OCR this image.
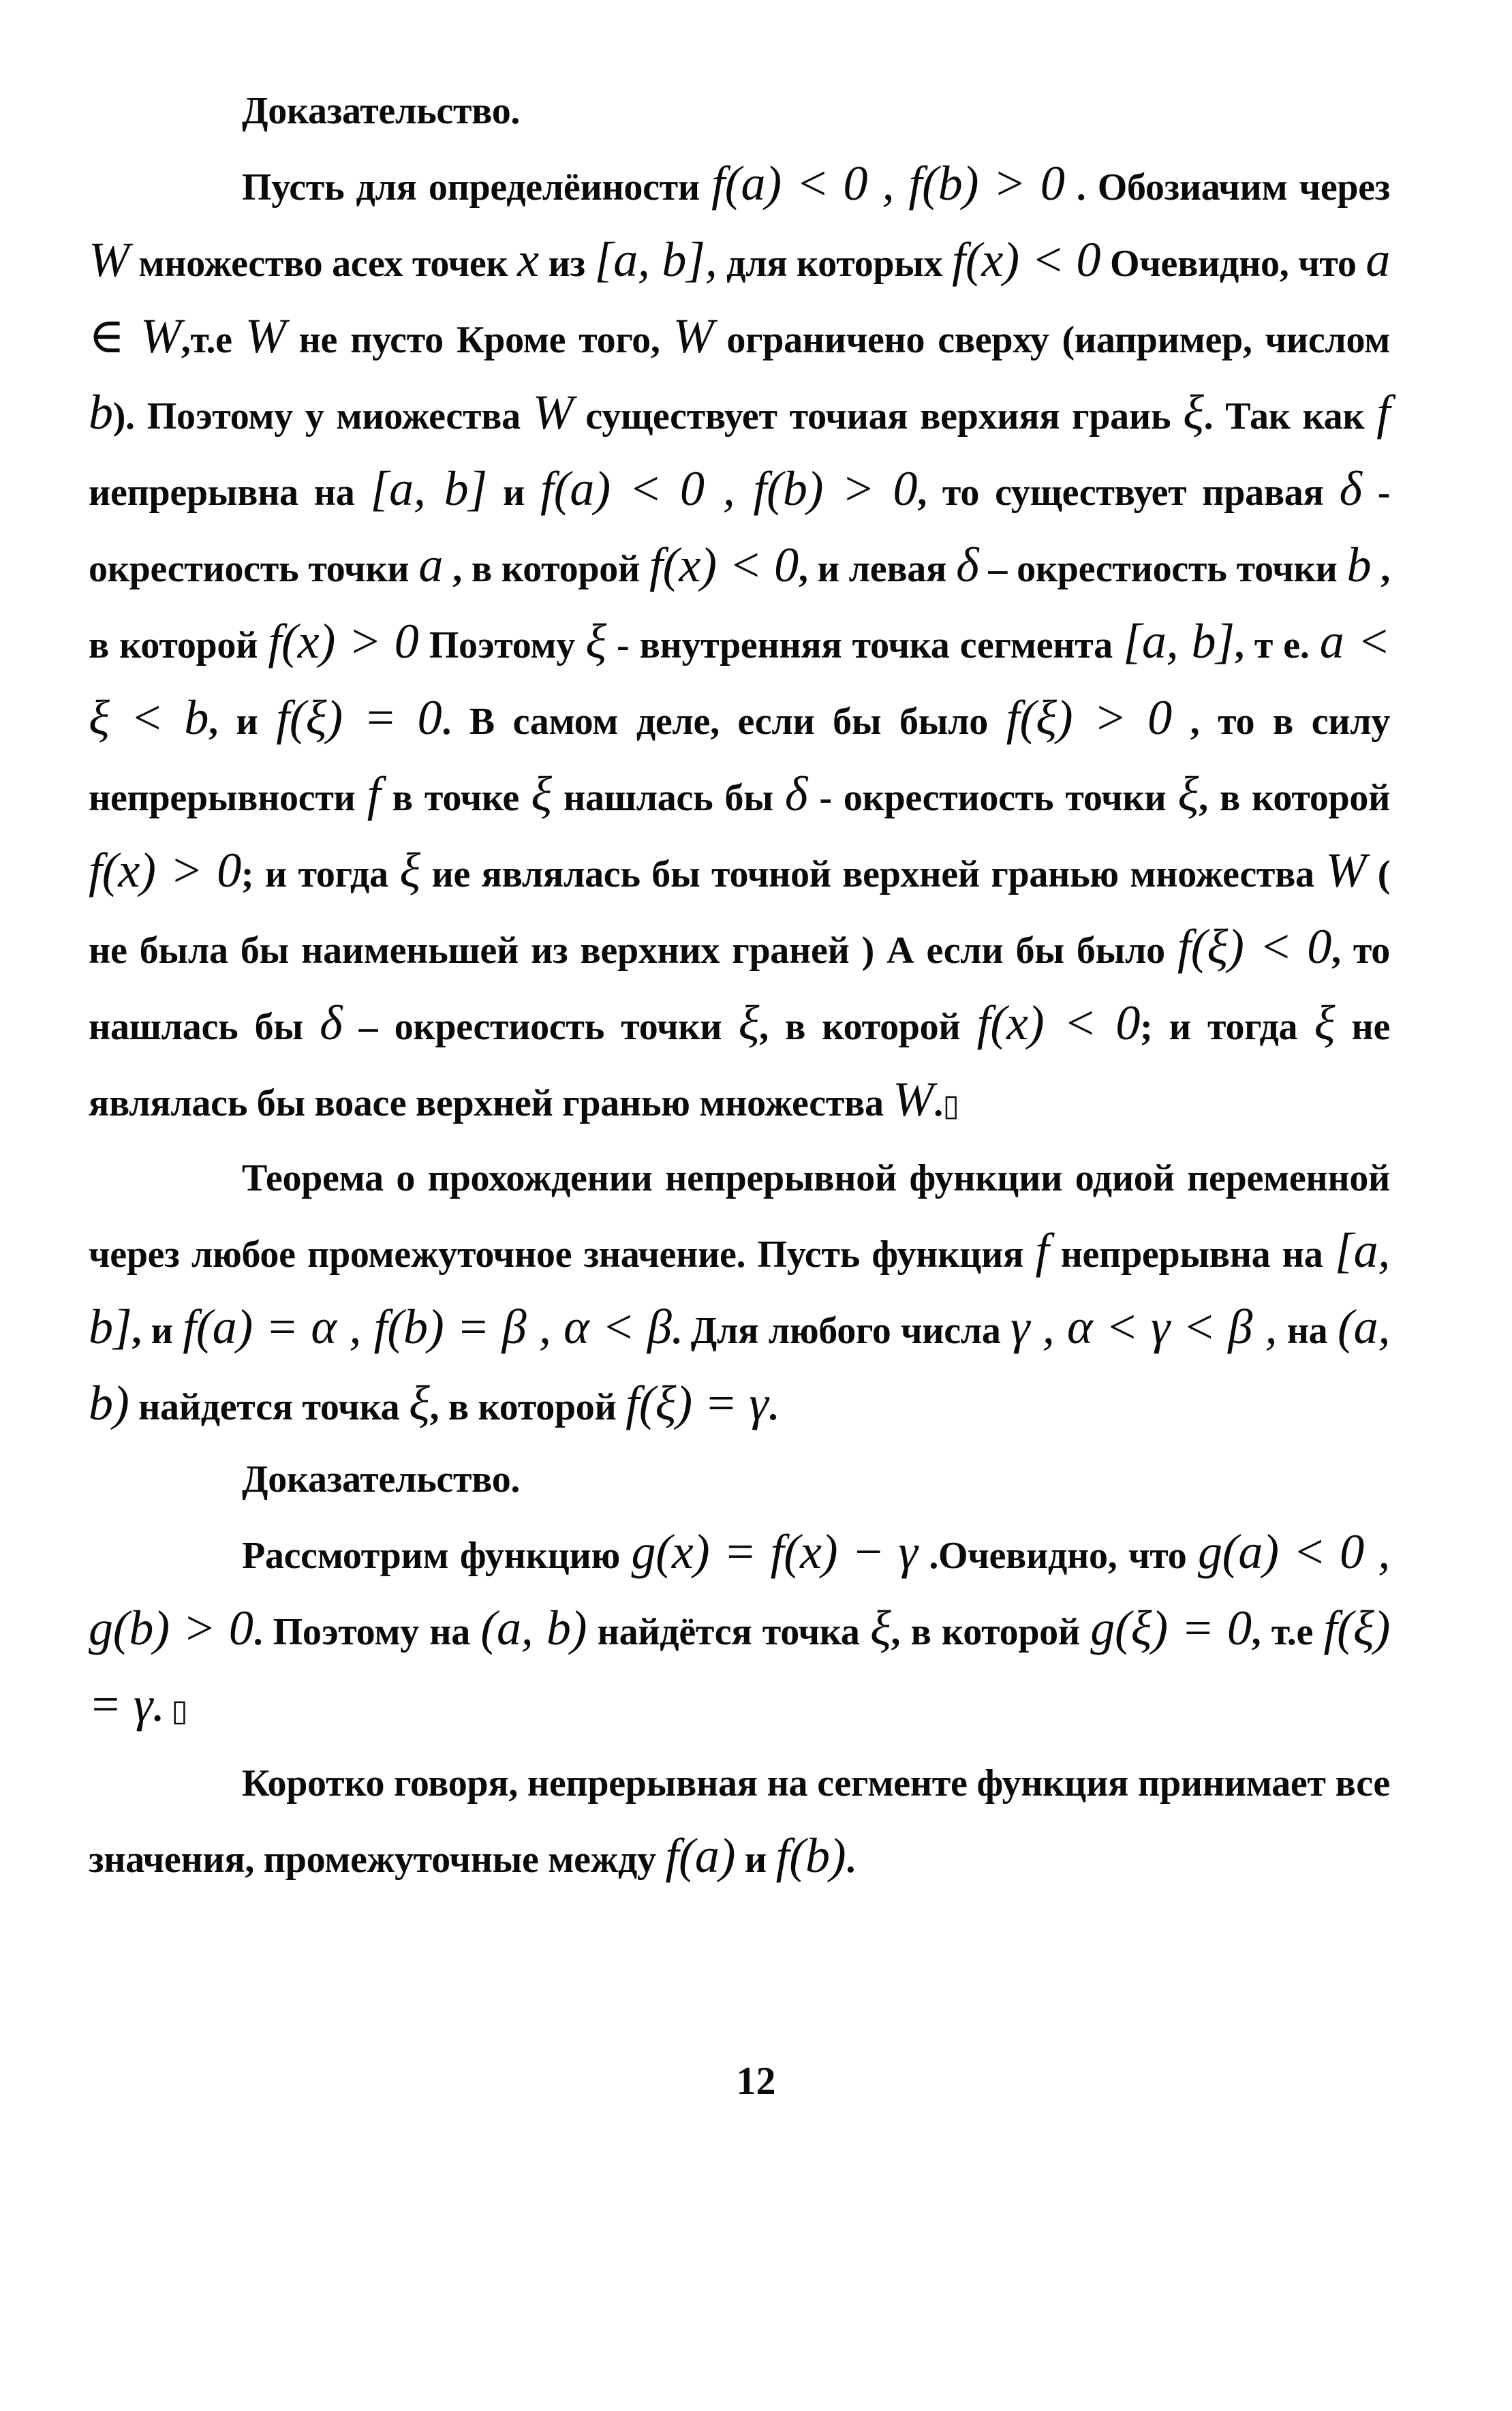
Доказательство.

Пусть для определёиности f(a) < 0 , f(b) > 0 . Обозиачим через W множество асех точек x из [a, b], для которых f(x) < 0 Очевидно, что a ∈ W,т.е W не пусто Кроме того, W ограничено сверху (иапример, числом b). Поэтому у миожества W существует точиая верхияя граиь ξ. Так как f иепрерывна на [a, b] и f(a) < 0 , f(b) > 0, то существует правая δ - окрестиость точки a , в которой f(x) < 0, и левая δ – окрестиость точки b , в которой f(x) > 0 Поэтому ξ - внутренняя точка сегмента [a, b], т е. a < ξ < b, и f(ξ) = 0. В самом деле, если бы было f(ξ) > 0 , то в силу непрерывности f в точке ξ нашлась бы δ - окрестиость точки ξ, в которой f(x) > 0; и тогда ξ ие являлась бы точной верхней гранью множества W ( не была бы наименьшей из верхних граней ) А если бы было f(ξ) < 0, то нашлась бы δ – окрестиость точки ξ, в которой f(x) < 0; и тогда ξ не являлась бы воасе верхней гранью множества W.▯

Теорема о прохождении непрерывной функции одиой переменной через любое промежуточное значение. Пусть функция f непрерывна на [a, b], и f(a) = α , f(b) = β , α < β. Для любого числа γ , α < γ < β , на (a, b) найдется точка ξ, в которой f(ξ) = γ.

Доказательство.

Рассмотрим функцию g(x) = f(x) − γ .Очевидно, что g(a) < 0 , g(b) > 0. Поэтому на (a, b) найдётся точка ξ, в которой g(ξ) = 0, т.е f(ξ) = γ. ▯

Коротко говоря, непрерывная на сегменте функция принимает все значения, промежуточные между f(a) и f(b).

12
